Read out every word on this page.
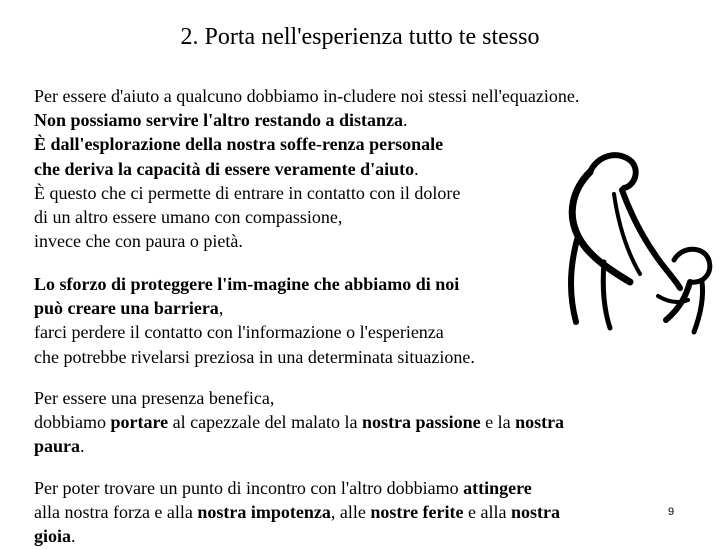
2. Porta nell'esperienza tutto te stesso
Per essere d'aiuto a qualcuno dobbiamo in-cludere noi stessi nell'equazione.
Non possiamo servire l'altro restando a distanza.
È dall'esplorazione della nostra soffe-renza personale
che deriva la capacità di essere veramente d'aiuto.
È questo che ci permette di entrare in contatto con il dolore
di un altro essere umano con compassione,
invece che con paura o pietà.
Lo sforzo di proteggere l'im-magine che abbiamo di noi
può creare una barriera,
farci perdere il contatto con l'informazione o l'esperienza
che potrebbe rivelarsi preziosa in una determinata situazione.
Per essere una presenza benefica,
dobbiamo portare al capezzale del malato la nostra passione e la nostra
paura.
Per poter trovare un punto di incontro con l'altro dobbiamo attingere
alla nostra forza e alla nostra impotenza, alle nostre ferite e alla nostra
gioia.
9
